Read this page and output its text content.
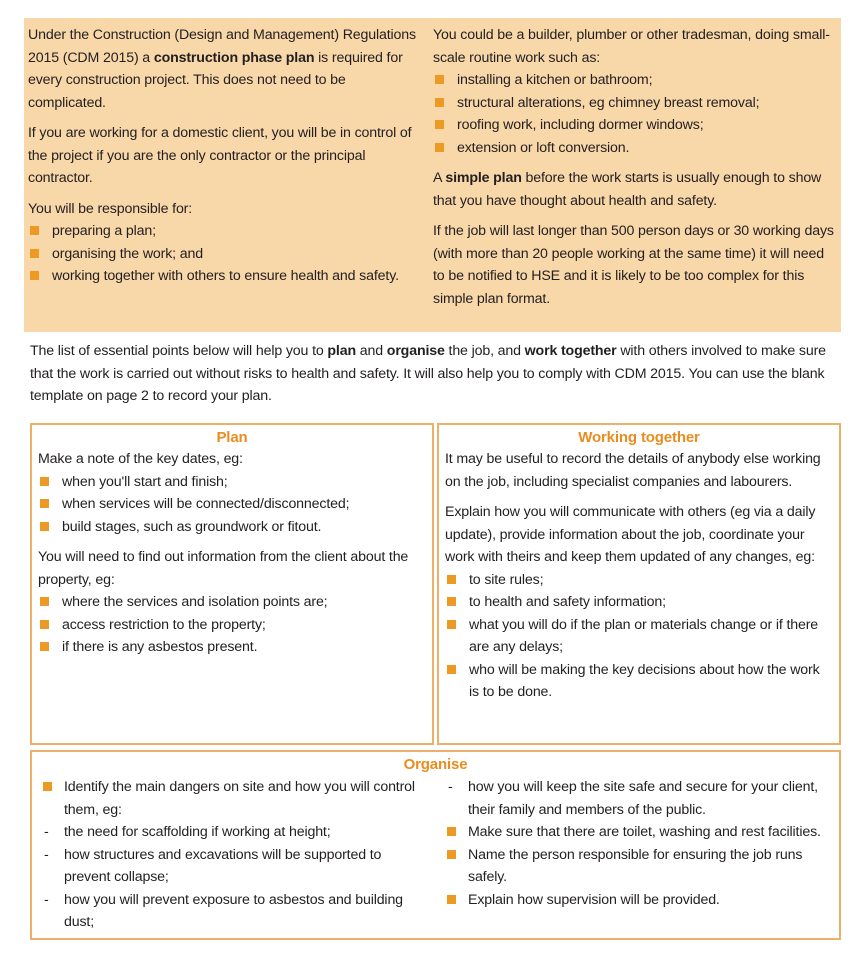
Under the Construction (Design and Management) Regulations 2015 (CDM 2015) a construction phase plan is required for every construction project. This does not need to be complicated.

If you are working for a domestic client, you will be in control of the project if you are the only contractor or the principal contractor.

You will be responsible for:

preparing a plan;
organising the work; and
working together with others to ensure health and safety.

You could be a builder, plumber or other tradesman, doing small-scale routine work such as:

installing a kitchen or bathroom;
structural alterations, eg chimney breast removal;
roofing work, including dormer windows;
extension or loft conversion.

A simple plan before the work starts is usually enough to show that you have thought about health and safety.

If the job will last longer than 500 person days or 30 working days (with more than 20 people working at the same time) it will need to be notified to HSE and it is likely to be too complex for this simple plan format.

The list of essential points below will help you to plan and organise the job, and work together with others involved to make sure that the work is carried out without risks to health and safety. It will also help you to comply with CDM 2015. You can use the blank template on page 2 to record your plan.

Plan

Make a note of the key dates, eg:

when you'll start and finish;
when services will be connected/disconnected;
build stages, such as groundwork or fitout.

You will need to find out information from the client about the property, eg:

where the services and isolation points are;
access restriction to the property;
if there is any asbestos present.
Working together

It may be useful to record the details of anybody else working on the job, including specialist companies and labourers.

Explain how you will communicate with others (eg via a daily update), provide information about the job, coordinate your work with theirs and keep them updated of any changes, eg:

to site rules;
to health and safety information;
what you will do if the plan or materials change or if there are any delays;
who will be making the key decisions about how the work is to be done.
Organise
Identify the main dangers on site and how you will control them, eg:
- the need for scaffolding if working at height;
- how structures and excavations will be supported to prevent collapse;
- how you will prevent exposure to asbestos and building dust;
- how you will keep the site safe and secure for your client, their family and members of the public.
Make sure that there are toilet, washing and rest facilities.
Name the person responsible for ensuring the job runs safely.
Explain how supervision will be provided.
